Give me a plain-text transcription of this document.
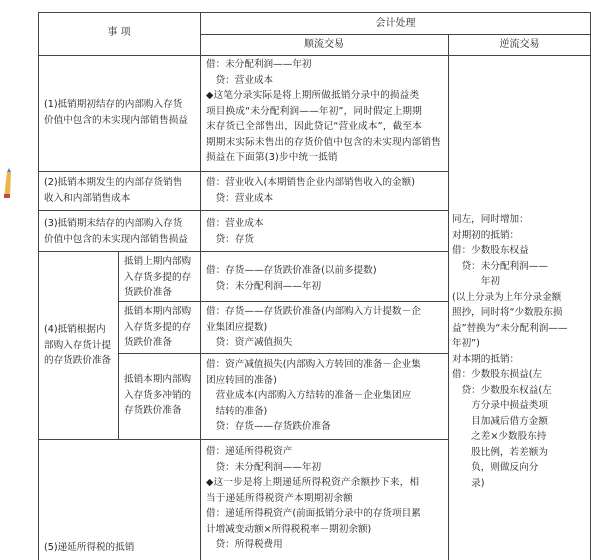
事 项
会计处理
顺流交易	逆流交易
(1)抵销期初结存的内部购入存货
价值中包含的未实现内部销售损益
借：未分配利润——年初
　贷：营业成本
◆这笔分录实际是将上期所做抵销分录中的损益类
项目换成“未分配利润——年初”，同时假定上期期
末存货已全部售出，因此贷记“营业成本”，截至本
期期末实际未售出的存货价值中包含的未实现内部销售
损益在下面第(3)步中统一抵销
(2)抵销本期发生的内部存货销售
收入和内部销售成本
借：营业收入(本期销售企业内部销售收入的金额)
　贷：营业成本
(3)抵销期末结存的内部购入存货
价值中包含的未实现内部销售损益
借：营业成本
　贷：存货
(4)抵销根据内
部购入存货计提
的存货跌价准备
抵销上期内部购
入存货多提的存
货跌价准备
借：存货——存货跌价准备(以前多提数)
　贷：未分配利润——年初
抵销本期内部购
入存货多提的存
货跌价准备
借：存货——存货跌价准备(内部购入方计提数－企
业集团应提数)
　贷：资产减值损失
抵销本期内部购
入存货多冲销的
存货跌价准备
借：资产减值损失(内部购入方转回的准备－企业集
团应转回的准备)
　营业成本(内部购入方结转的准备－企业集团应
　结转的准备)
　贷：存货——存货跌价准备
(5)递延所得税的抵销
借：递延所得税资产
　贷：未分配利润——年初
◆这一步是将上期递延所得税资产余额抄下来，相
当于递延所得税资产本期期初余额
借：递延所得税资产(前面抵销分录中的存货项目累
计增减变动额×所得税税率－期初余额)
　贷：所得税费用
同左，同时增加：
对期初的抵销：
借：少数股东权益
　贷：未分配利润——
　　　年初
(以上分录为上年分录金额
照抄，同时将“少数股东损
益”替换为“未分配利润——
年初”)
对本期的抵销：
借：少数股东损益(左
　贷：少数股东权益(左
　　方分录中损益类项
　　目加减后借方金额
　　之差×少数股东持
　　股比例，若差额为
　　负，则做反向分
　　录)
